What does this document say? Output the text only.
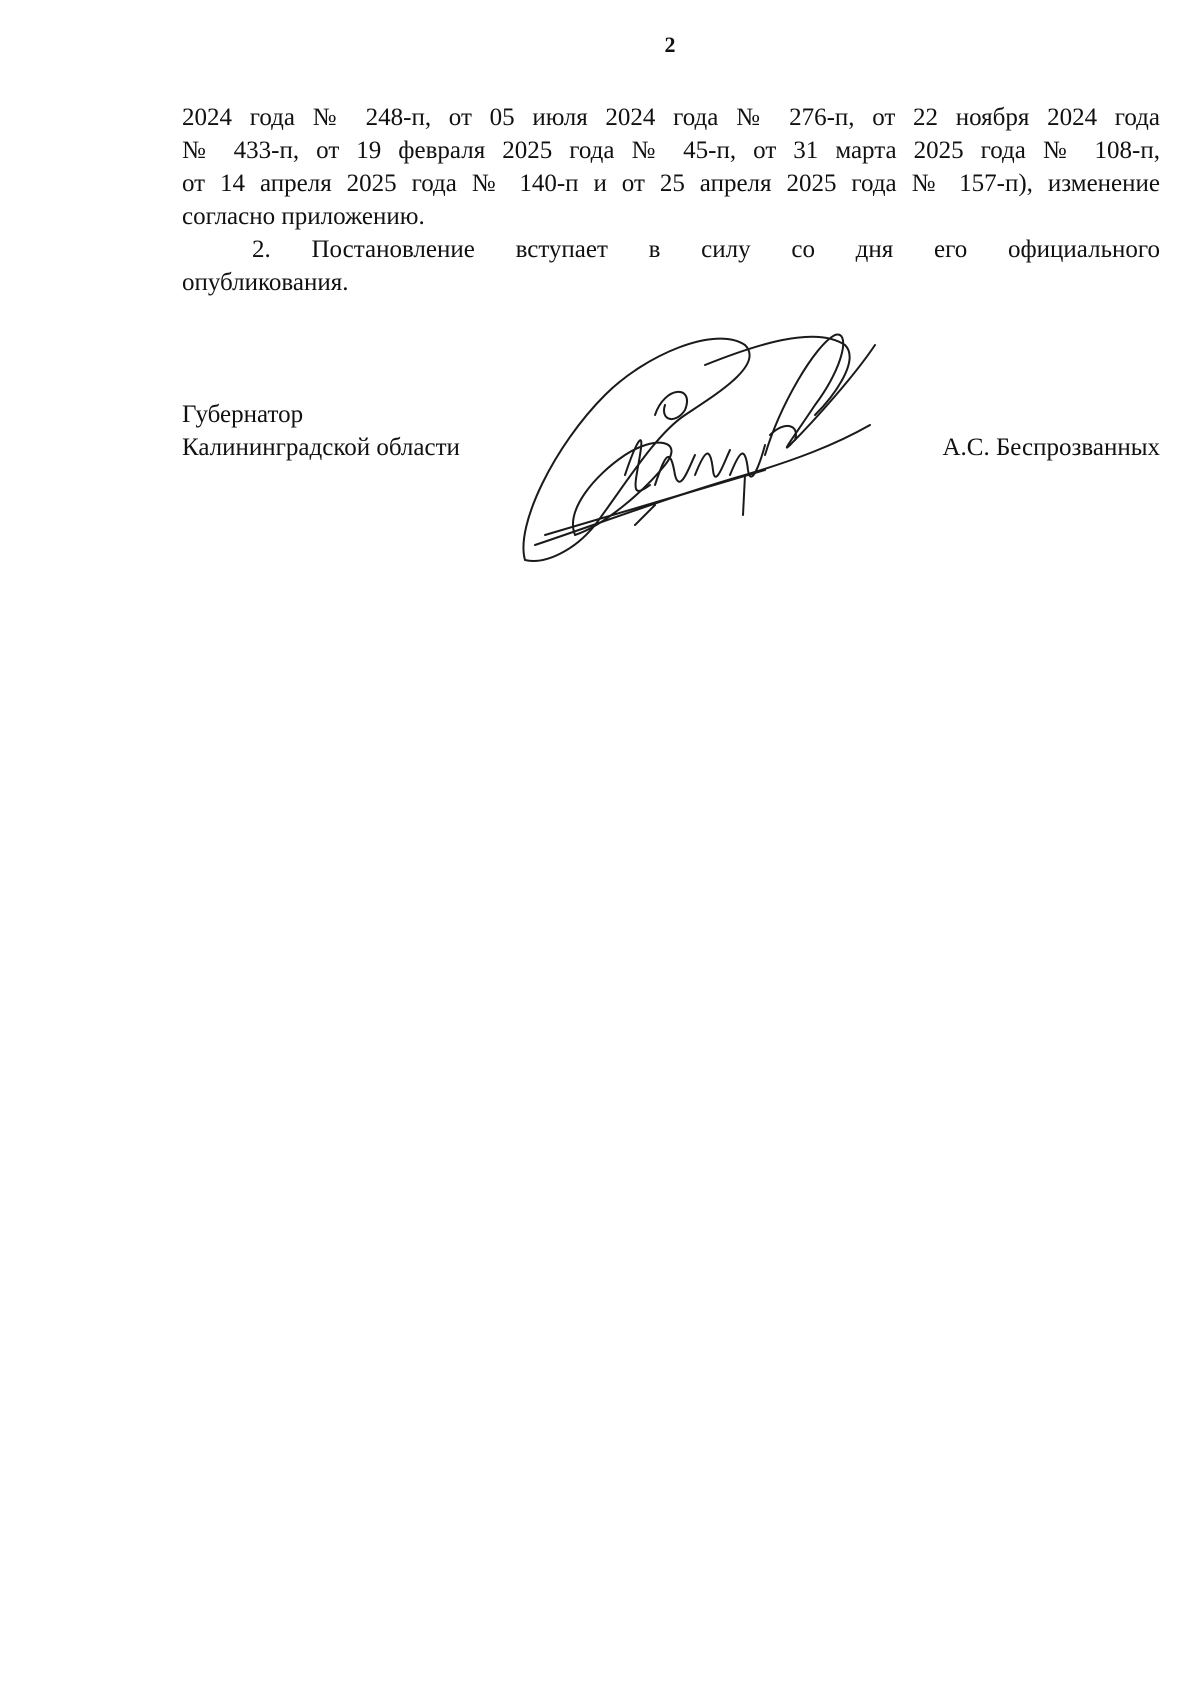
2

2024 года № 248-п, от 05 июля 2024 года № 276-п, от 22 ноября 2024 года
№ 433-п, от 19 февраля 2025 года № 45-п, от 31 марта 2025 года № 108-п,
от 14 апреля 2025 года № 140-п и от 25 апреля 2025 года № 157-п), изменение
согласно приложению.

2. Постановление вступает в силу со дня его официального
опубликования.

Губернатор
Калининградской области	А.С. Беспрозванных
